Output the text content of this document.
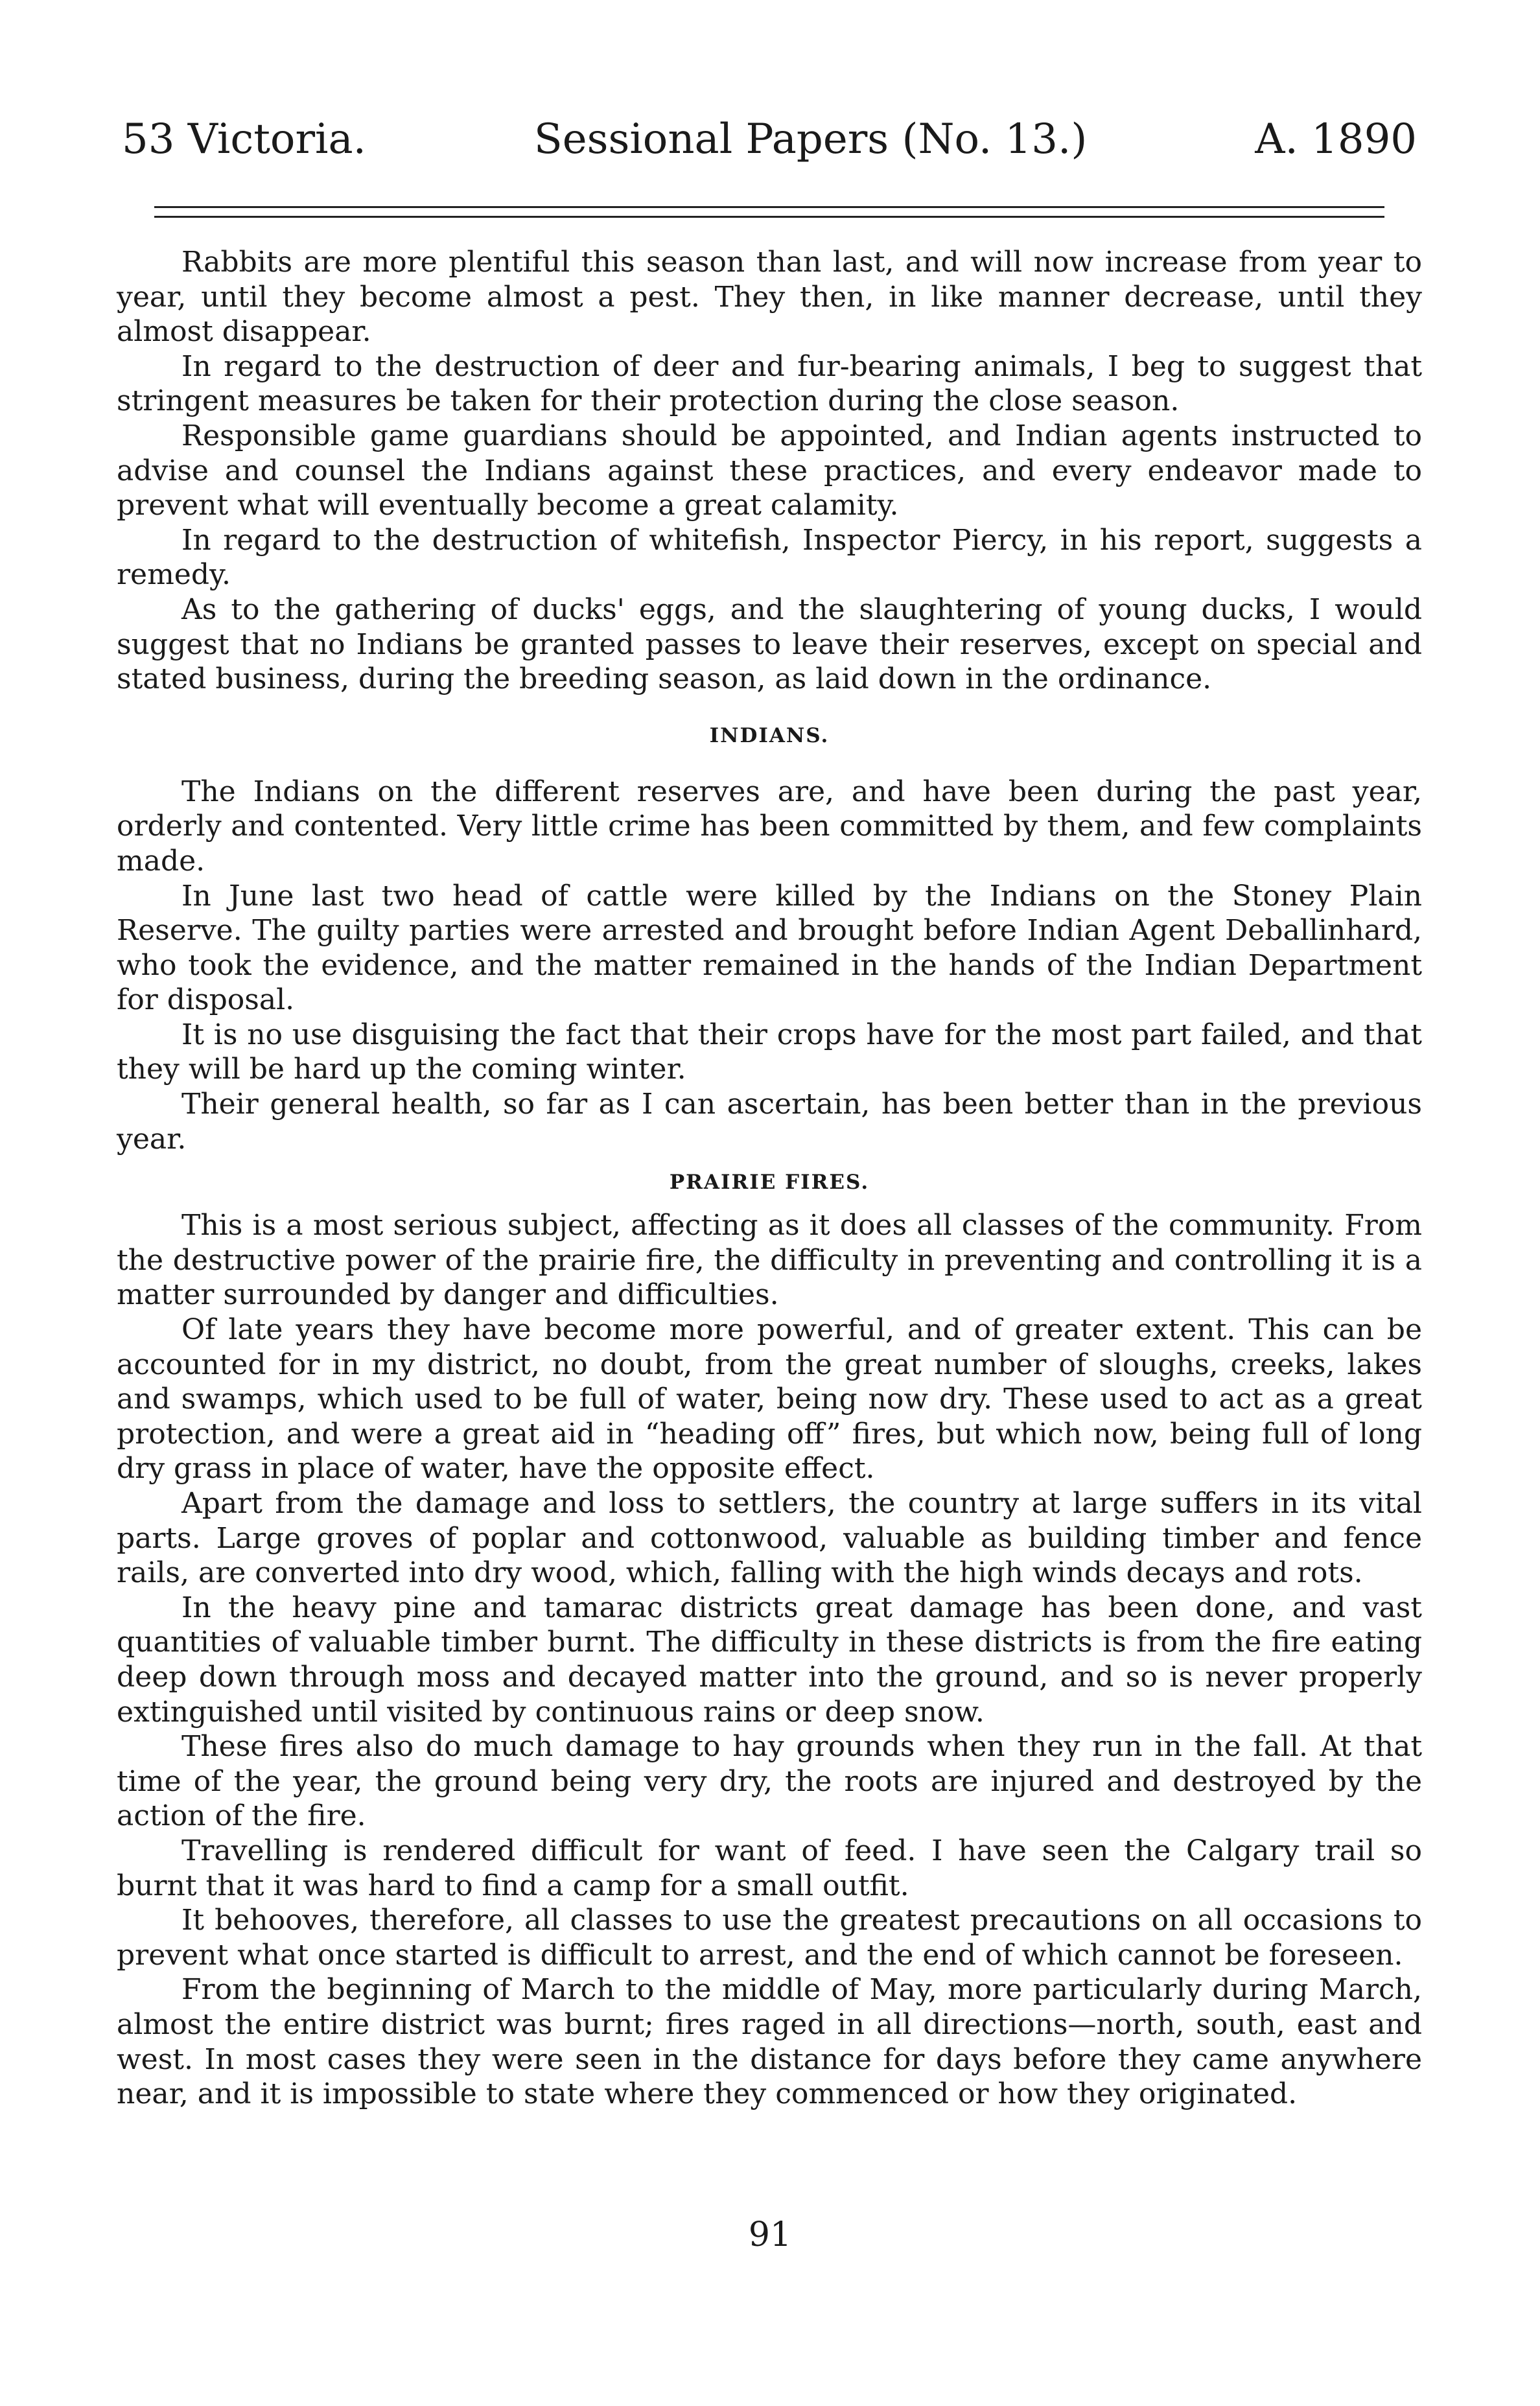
53 Victoria.	Sessional Papers (No. 13.)	A. 1890

Rabbits are more plentiful this season than last, and will now increase from year to year, until they become almost a pest. They then, in like manner decrease, until they almost disappear.

In regard to the destruction of deer and fur-bearing animals, I beg to suggest that stringent measures be taken for their protection during the close season.

Responsible game guardians should be appointed, and Indian agents instructed to advise and counsel the Indians against these practices, and every endeavor made to prevent what will eventually become a great calamity.

In regard to the destruction of whitefish, Inspector Piercy, in his report, suggests a remedy.

As to the gathering of ducks' eggs, and the slaughtering of young ducks, I would suggest that no Indians be granted passes to leave their reserves, except on special and stated business, during the breeding season, as laid down in the ordinance.

INDIANS.

The Indians on the different reserves are, and have been during the past year, orderly and contented. Very little crime has been committed by them, and few complaints made.

In June last two head of cattle were killed by the Indians on the Stoney Plain Reserve. The guilty parties were arrested and brought before Indian Agent Deballinhard, who took the evidence, and the matter remained in the hands of the Indian Department for disposal.

It is no use disguising the fact that their crops have for the most part failed, and that they will be hard up the coming winter.

Their general health, so far as I can ascertain, has been better than in the previous year.

PRAIRIE FIRES.

This is a most serious subject, affecting as it does all classes of the community. From the destructive power of the prairie fire, the difficulty in preventing and controlling it is a matter surrounded by danger and difficulties.

Of late years they have become more powerful, and of greater extent. This can be accounted for in my district, no doubt, from the great number of sloughs, creeks, lakes and swamps, which used to be full of water, being now dry. These used to act as a great protection, and were a great aid in “heading off” fires, but which now, being full of long dry grass in place of water, have the opposite effect.

Apart from the damage and loss to settlers, the country at large suffers in its vital parts. Large groves of poplar and cottonwood, valuable as building timber and fence rails, are converted into dry wood, which, falling with the high winds decays and rots.

In the heavy pine and tamarac districts great damage has been done, and vast quantities of valuable timber burnt. The difficulty in these districts is from the fire eating deep down through moss and decayed matter into the ground, and so is never properly extinguished until visited by continuous rains or deep snow.

These fires also do much damage to hay grounds when they run in the fall. At that time of the year, the ground being very dry, the roots are injured and destroyed by the action of the fire.

Travelling is rendered difficult for want of feed. I have seen the Calgary trail so burnt that it was hard to find a camp for a small outfit.

It behooves, therefore, all classes to use the greatest precautions on all occasions to prevent what once started is difficult to arrest, and the end of which cannot be foreseen.

From the beginning of March to the middle of May, more particularly during March, almost the entire district was burnt; fires raged in all directions—north, south, east and west. In most cases they were seen in the distance for days before they came anywhere near, and it is impossible to state where they commenced or how they originated.

91
